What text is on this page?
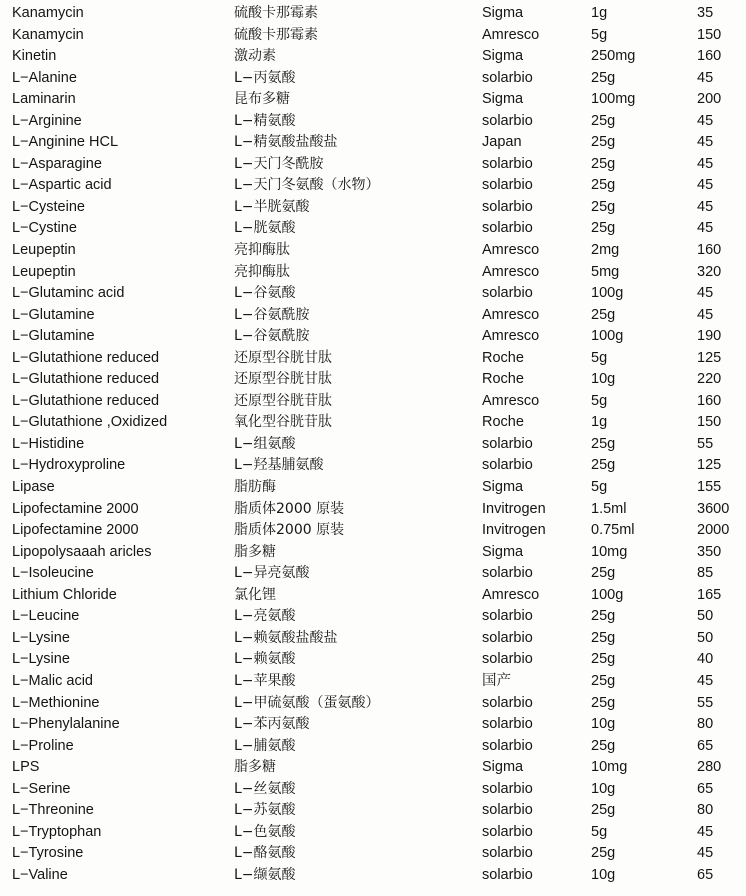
Kanamycin	硫酸卡那霉素	Sigma	1g	35
Kanamycin	硫酸卡那霉素	Amresco	5g	150
Kinetin	激动素	Sigma	250mg	160
L−Alanine	L−丙氨酸	solarbio	25g	45
Laminarin	昆布多糖	Sigma	100mg	200
L−Arginine	L−精氨酸	solarbio	25g	45
L−Anginine HCL	L−精氨酸盐酸盐	Japan	25g	45
L−Asparagine	L−天门冬酰胺	solarbio	25g	45
L−Aspartic acid	L−天门冬氨酸（水物）	solarbio	25g	45
L−Cysteine	L−半胱氨酸	solarbio	25g	45
L−Cystine	L−胱氨酸	solarbio	25g	45
Leupeptin	亮抑酶肽	Amresco	2mg	160
Leupeptin	亮抑酶肽	Amresco	5mg	320
L−Glutaminc acid	L−谷氨酸	solarbio	100g	45
L−Glutamine	L−谷氨酰胺	Amresco	25g	45
L−Glutamine	L−谷氨酰胺	Amresco	100g	190
L−Glutathione reduced	还原型谷胱甘肽	Roche	5g	125
L−Glutathione reduced	还原型谷胱甘肽	Roche	10g	220
L−Glutathione reduced	还原型谷胱苷肽	Amresco	5g	160
L−Glutathione ,Oxidized	氧化型谷胱苷肽	Roche	1g	150
L−Histidine	L−组氨酸	solarbio	25g	55
L−Hydroxyproline	L−羟基脯氨酸	solarbio	25g	125
Lipase	脂肪酶	Sigma	5g	155
Lipofectamine 2000	脂质体2000 原装	Invitrogen	1.5ml	3600
Lipofectamine 2000	脂质体2000 原装	Invitrogen	0.75ml	2000
Lipopolysaaah aricles	脂多糖	Sigma	10mg	350
L−Isoleucine	L−异亮氨酸	solarbio	25g	85
Lithium Chloride	氯化锂	Amresco	100g	165
L−Leucine	L−亮氨酸	solarbio	25g	50
L−Lysine	L−赖氨酸盐酸盐	solarbio	25g	50
L−Lysine	L−赖氨酸	solarbio	25g	40
L−Malic acid	L−苹果酸	国产	25g	45
L−Methionine	L−甲硫氨酸（蛋氨酸）	solarbio	25g	55
L−Phenylalanine	L−苯丙氨酸	solarbio	10g	80
L−Proline	L−脯氨酸	solarbio	25g	65
LPS	脂多糖	Sigma	10mg	280
L−Serine	L−丝氨酸	solarbio	10g	65
L−Threonine	L−苏氨酸	solarbio	25g	80
L−Tryptophan	L−色氨酸	solarbio	5g	45
L−Tyrosine	L−酪氨酸	solarbio	25g	45
L−Valine	L−缬氨酸	solarbio	10g	65
